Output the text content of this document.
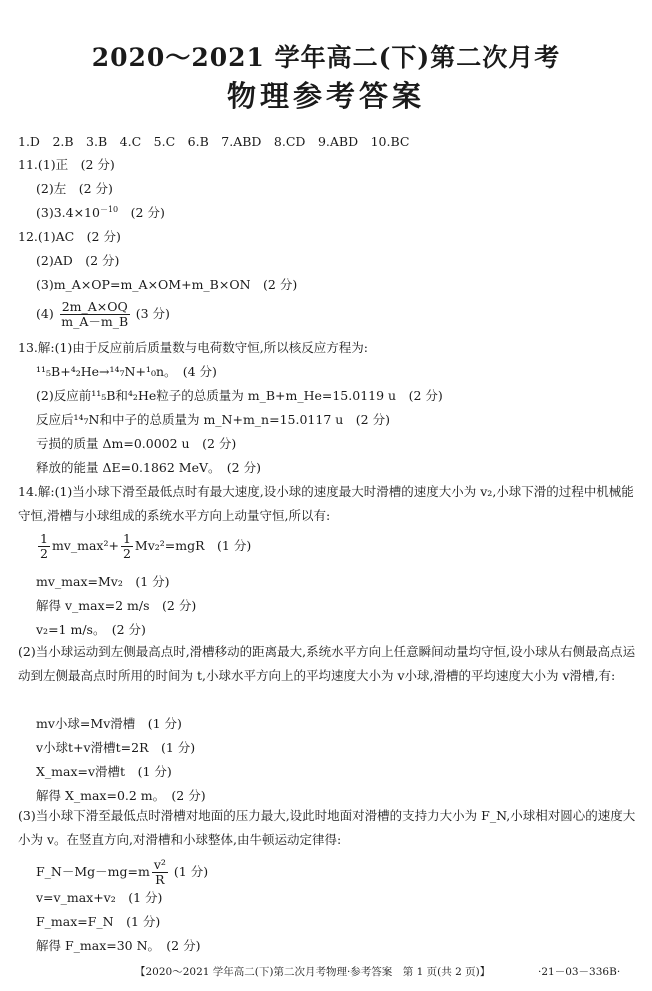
2020～2021 学年高二(下)第二次月考
物理参考答案
1.D　2.B　3.B　4.C　5.C　6.B　7.ABD　8.CD　9.ABD　10.BC
11.(1)正　(2 分)
(2)左　(2 分)
$(3)3.4\times 10^{-10}$　(2 分)
12.(1)AC　(2 分)
(2)AD　(2 分)
(3)m_A×OP=m_A×OM+m_B×ON　(2 分)
$(4) \frac{2m\_A\times OQ}{m\_A-m\_B} (3$ 分)
13.解:(1)由于反应前后质量数与电荷数守恒,所以核反应方程为:
¹¹₅B+⁴₂He→¹⁴₇N+¹₀n。　(4 分)
(2)反应前¹¹₅B和⁴₂He粒子的总质量为 m_B+m_He=15.0119 u　(2 分)
反应后¹⁴₇N和中子的总质量为 m_N+m_n=15.0117 u　(2 分)
亏损的质量 Δm=0.0002 u　(2 分)
释放的能量 ΔE=0.1862 MeV。　(2 分)
14.解:(1)当小球下滑至最低点时有最大速度,设小球的速度最大时滑槽的速度大小为 v₂,小球下滑的过程中机械能守恒,滑槽与小球组成的系统水平方向上动量守恒,所以有:
$\frac{1}{2}$ mv_max²+ $\frac{1}{2} Mv_2^2=mgR$　(1 分)
mv_max=Mv₂　(1 分)
解得 v_max=2 m/s　(2 分)
v₂=1 m/s。　(2 分)
(2)当小球运动到左侧最高点时,滑槽移动的距离最大,系统水平方向上任意瞬间动量均守恒,设小球从右侧最高点运动到左侧最高点时所用的时间为 t,小球水平方向上的平均速度大小为 v小球,滑槽的平均速度大小为 v滑槽,有:
mv小球=Mv滑槽　(1 分)
v小球t+v滑槽t=2R　(1 分)
X_max=v滑槽t　(1 分)
解得 X_max=0.2 m。　(2 分)
(3)当小球下滑至最低点时滑槽对地面的压力最大,设此时地面对滑槽的支持力大小为 F_N,小球相对圆心的速度大小为 v。在竖直方向,对滑槽和小球整体,由牛顿运动定律得:
F_N－Mg－mg=m $\frac{\text{v²}}{R} (1$ 分)
v=v_max+v₂　(1 分)
F_max=F_N　(1 分)
解得 F_max=30 N。　(2 分)
【2020～2021 学年高二(下)第二次月考物理·参考答案　第 1 页(共 2 页)】	·21－03－336B·
